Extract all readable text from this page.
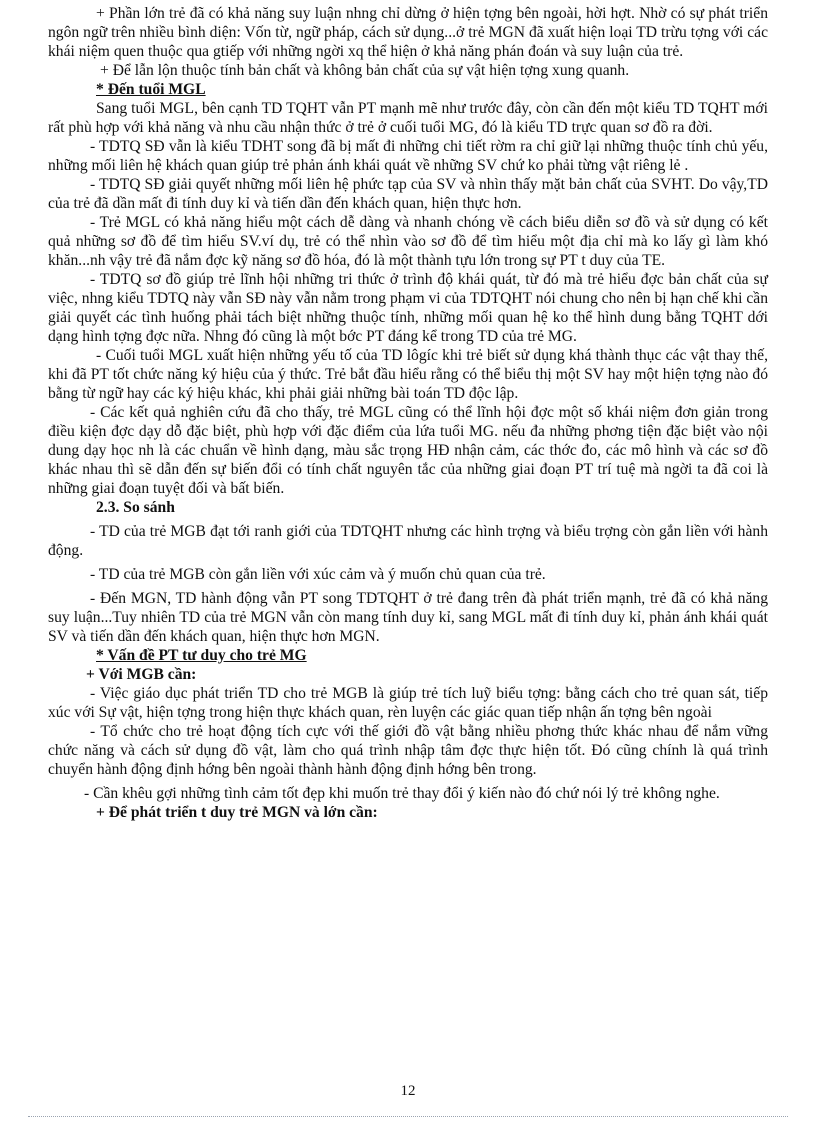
+ Phần lớn trẻ đã có khả năng suy luận nhng chỉ dừng ở hiện tợng bên ngoài, hời hợt. Nhờ có sự phát triển ngôn ngữ trên nhiều bình diện: Vốn từ, ngữ pháp, cách sử dụng...ở trẻ MGN đã xuất hiện loại TD trừu tợng với các khái niệm quen thuộc qua gtiếp với những ngời xq thể hiện ở khả năng phán đoán và suy luận của trẻ.

+ Để lẫn lộn thuộc tính bản chất và không bản chất của sự vật hiện tợng xung quanh.

* Đến tuổi MGL

Sang tuổi MGL, bên cạnh TD TQHT vẫn PT mạnh mẽ như trước đây, còn cần đến một kiểu TD TQHT mới rất phù hợp với khả năng và nhu cầu nhận thức ở trẻ ở cuối tuổi MG, đó là kiểu TD trực quan sơ đồ ra đời.

- TDTQ SĐ vẫn là kiểu TDHT song đã bị mất đi những chi tiết rờm ra chỉ giữ lại những thuộc tính chủ yếu, những mối liên hệ khách quan giúp trẻ phản ánh khái quát về những SV chứ ko phải từng vật riêng lẻ .

- TDTQ SĐ giải quyết những mối liên hệ phức tạp của SV và nhìn thấy mặt bản chất của SVHT. Do vậy,TD của trẻ đã dần mất đi tính duy kỉ và tiến dần đến khách quan, hiện thực hơn.

- Trẻ MGL có khả năng hiểu một cách dễ dàng và nhanh chóng về cách biểu diễn sơ đồ và sử dụng có kết quả những sơ đồ để tìm hiểu SV.ví dụ, trẻ có thể nhìn vào sơ đồ để tìm hiểu một địa chỉ mà ko lấy gì làm khó khăn...nh vậy trẻ đã nắm đợc kỹ năng sơ đồ hóa, đó là một thành tựu lớn trong sự PT t duy của TE.

- TDTQ sơ đồ giúp trẻ lĩnh hội những tri thức ở trình độ khái quát, từ đó mà trẻ hiểu đợc bản chất của sự việc, nhng kiểu TDTQ này vẫn SĐ này vẫn nằm trong phạm vi của TDTQHT nói chung cho nên bị hạn chế khi cần giải quyết các tình huống phải tách biệt những thuộc tính, những mối quan hệ ko thể hình dung bằng TQHT dới dạng hình tợng đợc nữa. Nhng đó cũng là một bớc PT đáng kể trong TD của trẻ MG.

- Cuối tuổi MGL xuất hiện những yếu tố của TD lôgíc khi trẻ biết sử dụng khá thành thục các vật thay thế, khi đã PT tốt chức năng ký hiệu của ý thức. Trẻ bắt đầu hiểu rằng có thể biểu thị một SV hay một hiện tợng nào đó bằng từ ngữ hay các ký hiệu khác, khi phải giải những bài toán TD độc lập.

- Các kết quả nghiên cứu đã cho thấy, trẻ MGL cũng có thể lĩnh hội đợc một số khái niệm đơn giản trong điều kiện đợc dạy dỗ đặc biệt, phù hợp với đặc điểm của lứa tuổi MG. nếu đa những phơng tiện đặc biệt vào nội dung dạy học nh là các chuẩn về hình dạng, màu sắc trọng HĐ nhận cảm, các thớc đo, các mô hình và các sơ đồ khác nhau thì sẽ dẫn đến sự biến đổi có tính chất nguyên tắc của những giai đoạn PT trí tuệ mà ngời ta đã coi là những giai đoạn tuyệt đối và bất biến.

2.3. So sánh

- TD của trẻ MGB đạt tới ranh giới của TDTQHT nhưng các hình trợng và biểu trợng còn gắn liền với hành động.

- TD của trẻ MGB còn gắn liền với xúc cảm và ý muốn chủ quan của trẻ.

- Đến MGN, TD hành động vẫn PT song TDTQHT ở trẻ đang trên đà phát triển mạnh, trẻ đã có khả năng suy luận...Tuy nhiên TD của trẻ MGN vẫn còn mang tính duy kỉ, sang MGL mất đi tính duy kỉ, phản ánh khái quát SV và tiến dần đến khách quan, hiện thực hơn MGN.

* Vấn đề PT tư duy cho trẻ MG
+ Với MGB cần:

- Việc giáo dục phát triển TD cho trẻ MGB là giúp trẻ tích luỹ biểu tợng: bằng cách cho trẻ quan sát, tiếp xúc với Sự vật, hiện tợng trong hiện thực khách quan, rèn luyện các giác quan tiếp nhận ấn tợng bên ngoài

- Tổ chức cho trẻ hoạt động tích cực với thế giới đồ vật bằng nhiều phơng thức khác nhau để nắm vững chức năng và cách sử dụng đồ vật, làm cho quá trình nhập tâm đợc thực hiện tốt. Đó cũng chính là quá trình chuyển hành động định hớng bên ngoài thành hành động định hớng bên trong.

- Cần khêu gợi những tình cảm tốt đẹp khi muốn trẻ thay đổi ý kiến nào đó chứ nói lý trẻ không nghe.

+ Để phát triển t duy trẻ MGN và lớn cần:
12
